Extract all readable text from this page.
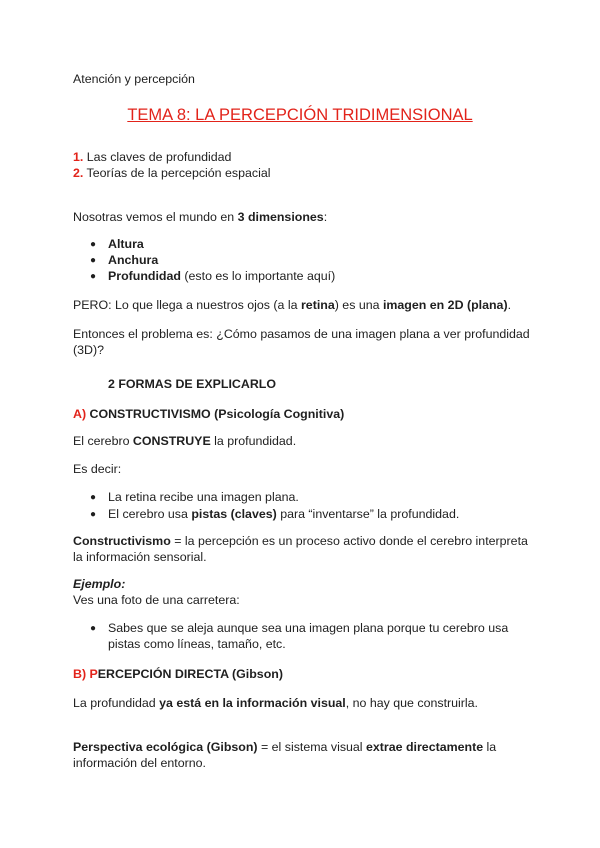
Atención y percepción
TEMA 8: LA PERCEPCIÓN TRIDIMENSIONAL
1. Las claves de profundidad
2. Teorías de la percepción espacial
Nosotras vemos el mundo en 3 dimensiones:
● Altura
● Anchura
● Profundidad (esto es lo importante aquí)
PERO: Lo que llega a nuestros ojos (a la retina) es una imagen en 2D (plana).
Entonces el problema es: ¿Cómo pasamos de una imagen plana a ver profundidad
(3D)?
2 FORMAS DE EXPLICARLO
A) CONSTRUCTIVISMO (Psicología Cognitiva)
El cerebro CONSTRUYE la profundidad.
Es decir:
● La retina recibe una imagen plana.
● El cerebro usa pistas (claves) para “inventarse” la profundidad.
Constructivismo = la percepción es un proceso activo donde el cerebro interpreta
la información sensorial.
Ejemplo:
Ves una foto de una carretera:
● Sabes que se aleja aunque sea una imagen plana porque tu cerebro usa
pistas como líneas, tamaño, etc.
B) PERCEPCIÓN DIRECTA (Gibson)
La profundidad ya está en la información visual, no hay que construirla.
Perspectiva ecológica (Gibson) = el sistema visual extrae directamente la
información del entorno.
